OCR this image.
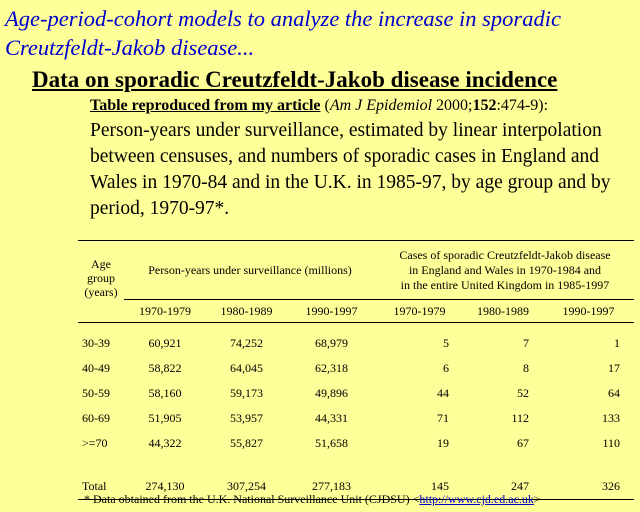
Age-period-cohort models to analyze the increase in sporadic Creutzfeldt-Jakob disease...
Data on sporadic Creutzfeldt-Jakob disease incidence
Table reproduced from my article (Am J Epidemiol 2000;152:474-9):
Person-years under surveillance, estimated by linear interpolation between censuses, and numbers of sporadic cases in England and Wales in 1970-84 and in the U.K. in 1985-97, by age group and by period, 1970-97*.
Age
group
(years)	Person-years under surveillance (millions)			Cases of sporadic Creutzfeldt-Jakob disease
in England and Wales in 1970-1984 and
in the entire United Kingdom in 1985-1997		
	1970-1979	1980-1989	1990-1997	1970-1979	1980-1989	1990-1997

30-39	60,921	74,252	68,979	5	7	1
40-49	58,822	64,045	62,318	6	8	17
50-59	58,160	59,173	49,896	44	52	64
60-69	51,905	53,957	44,331	71	112	133
>=70	44,322	55,827	51,658	19	67	110

Total	274,130	307,254	277,183	145	247	326

* Data obtained from the U.K. National Surveillance Unit (CJDSU) <http://www.cjd.ed.ac.uk>
